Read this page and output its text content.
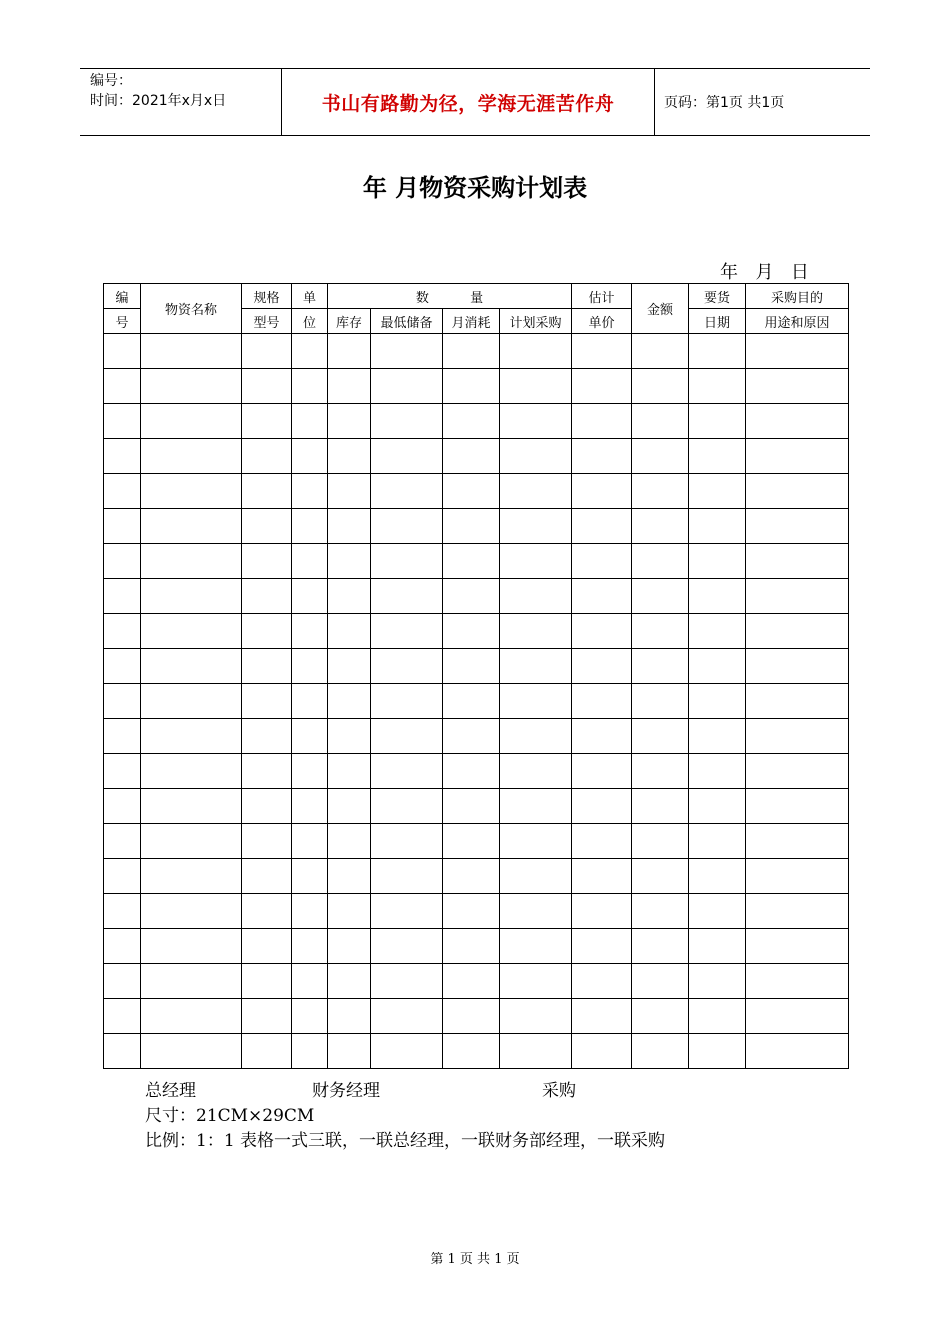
编号：
时间：2021年x月x日	书山有路勤为径，学海无涯苦作舟	页码：第1页 共1页
年 月物资采购计划表
年  月  日
编	物资名称	规格	单	数          量				估计	金额	要货	采购目的
号		型号	位	库存	最低储备	月消耗	计划采购	单价		日期	用途和原因

总经理	财务经理	采购
尺寸：21CM×29CM
比例：1：1 表格一式三联，一联总经理，一联财务部经理，一联采购
第 1 页 共 1 页
